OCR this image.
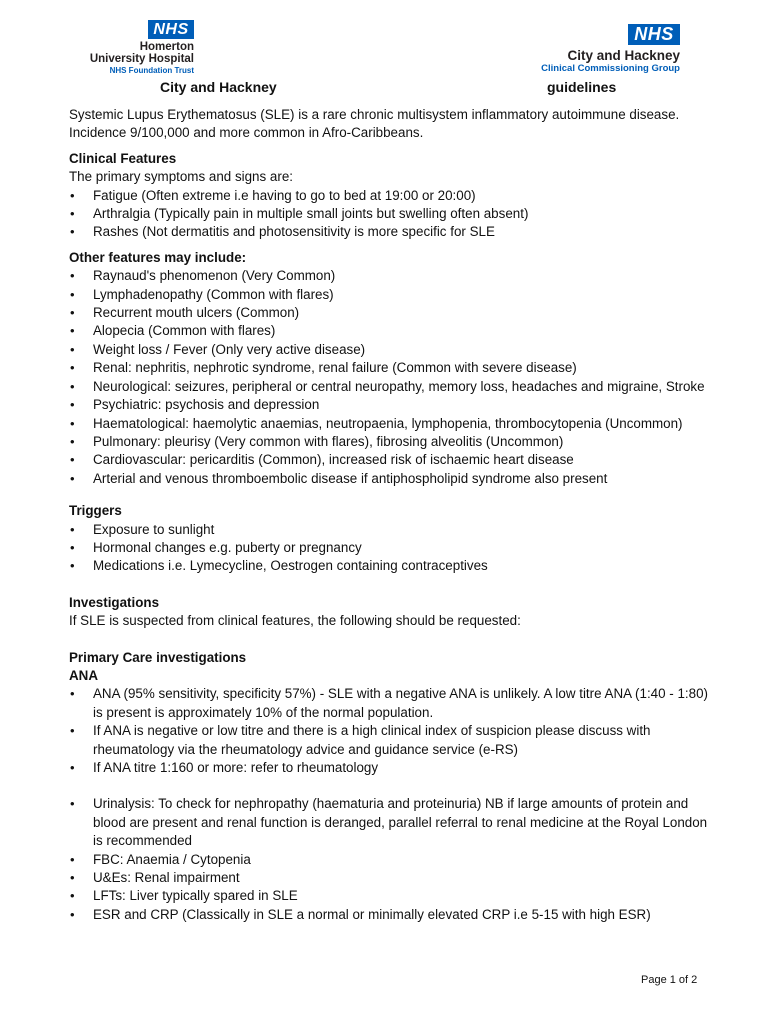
NHS
Homerton
University Hospital
NHS Foundation Trust
NHS
City and Hackney
Clinical Commissioning Group
City and Hackney	guidelines

Systemic Lupus Erythematosus (SLE) is a rare chronic multisystem inflammatory autoimmune disease. Incidence 9/100,000 and more common in Afro-Caribbeans.

Clinical Features

The primary symptoms and signs are:

• Fatigue (Often extreme i.e having to go to bed at 19:00 or 20:00)
• Arthralgia (Typically pain in multiple small joints but swelling often absent)
• Rashes (Not dermatitis and photosensitivity is more specific for SLE
Other features may include:
• Raynaud's phenomenon (Very Common)
• Lymphadenopathy (Common with flares)
• Recurrent mouth ulcers (Common)
• Alopecia (Common with flares)
• Weight loss / Fever (Only very active disease)
• Renal: nephritis, nephrotic syndrome, renal failure (Common with severe disease)
• Neurological: seizures, peripheral or central neuropathy, memory loss, headaches and migraine, Stroke
• Psychiatric: psychosis and depression
• Haematological: haemolytic anaemias, neutropaenia, lymphopenia, thrombocytopenia (Uncommon)
• Pulmonary: pleurisy (Very common with flares), fibrosing alveolitis (Uncommon)
• Cardiovascular: pericarditis (Common), increased risk of ischaemic heart disease
• Arterial and venous thromboembolic disease if antiphospholipid syndrome also present
Triggers
• Exposure to sunlight
• Hormonal changes e.g. puberty or pregnancy
• Medications i.e. Lymecycline, Oestrogen containing contraceptives
Investigations

If SLE is suspected from clinical features, the following should be requested:

Primary Care investigations
ANA
• ANA (95% sensitivity, specificity 57%) - SLE with a negative ANA is unlikely. A low titre ANA (1:40 - 1:80) is present is approximately 10% of the normal population.
• If ANA is negative or low titre and there is a high clinical index of suspicion please discuss with rheumatology via the rheumatology advice and guidance service (e-RS)
• If ANA titre 1:160 or more: refer to rheumatology
• Urinalysis: To check for nephropathy (haematuria and proteinuria) NB if large amounts of protein and blood are present and renal function is deranged, parallel referral to renal medicine at the Royal London is recommended
• FBC: Anaemia / Cytopenia
• U&Es: Renal impairment
• LFTs: Liver typically spared in SLE
• ESR and CRP (Classically in SLE a normal or minimally elevated CRP i.e 5-15 with high ESR)
Page 1 of 2
